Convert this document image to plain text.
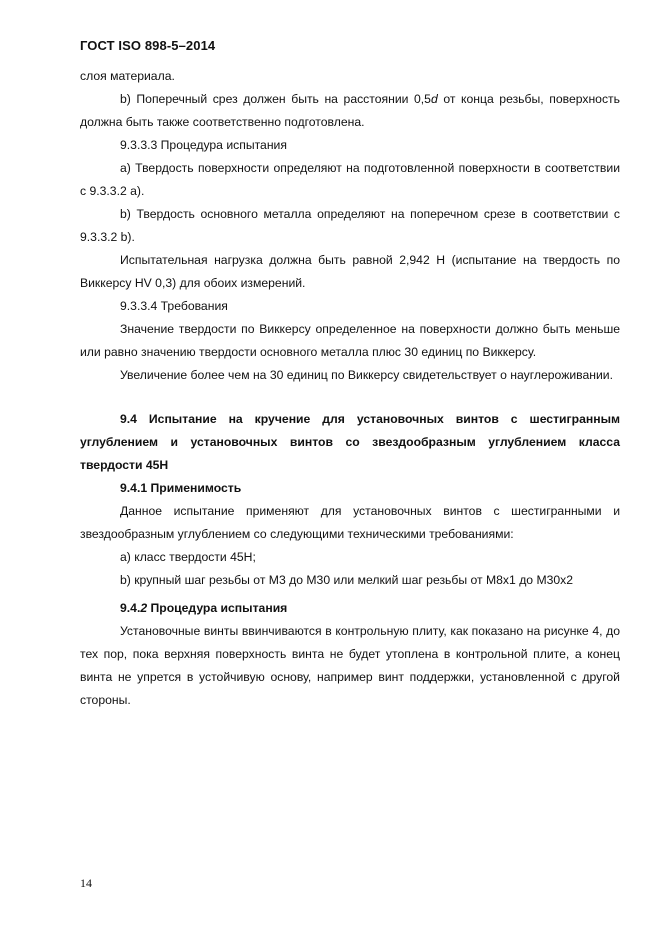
ГОСТ ISO 898-5–2014

слоя материала.

b) Поперечный срез должен быть на расстоянии 0,5d от конца резьбы, поверхность должна быть также соответственно подготовлена.

9.3.3.3 Процедура испытания

a) Твердость поверхности определяют на подготовленной поверхности в соответствии с 9.3.3.2 a).

b) Твердость основного металла определяют на поперечном срезе в соответствии с 9.3.3.2 b).

Испытательная нагрузка должна быть равной 2,942 Н (испытание на твердость по Виккерсу HV 0,3) для обоих измерений.

9.3.3.4 Требования

Значение твердости по Виккерсу определенное на поверхности должно быть меньше или равно значению твердости основного металла плюс 30 единиц по Виккерсу.

Увеличение более чем на 30 единиц по Виккерсу свидетельствует о науглероживании.

9.4 Испытание на кручение для установочных винтов с шестигранным углублением и установочных винтов со звездообразным углублением класса твердости 45H

9.4.1 Применимость

Данное испытание применяют для установочных винтов с шестигранными и звездообразным углублением со следующими техническими требованиями:

a) класс твердости 45H;

b) крупный шаг резьбы от M3 до M30 или мелкий шаг резьбы от M8x1 до M30x2

9.4.2 Процедура испытания

Установочные винты ввинчиваются в контрольную плиту, как показано на рисунке 4, до тех пор, пока верхняя поверхность винта не будет утоплена в контрольной плите, а конец винта не упрется в устойчивую основу, например винт поддержки, установленной с другой стороны.

14
